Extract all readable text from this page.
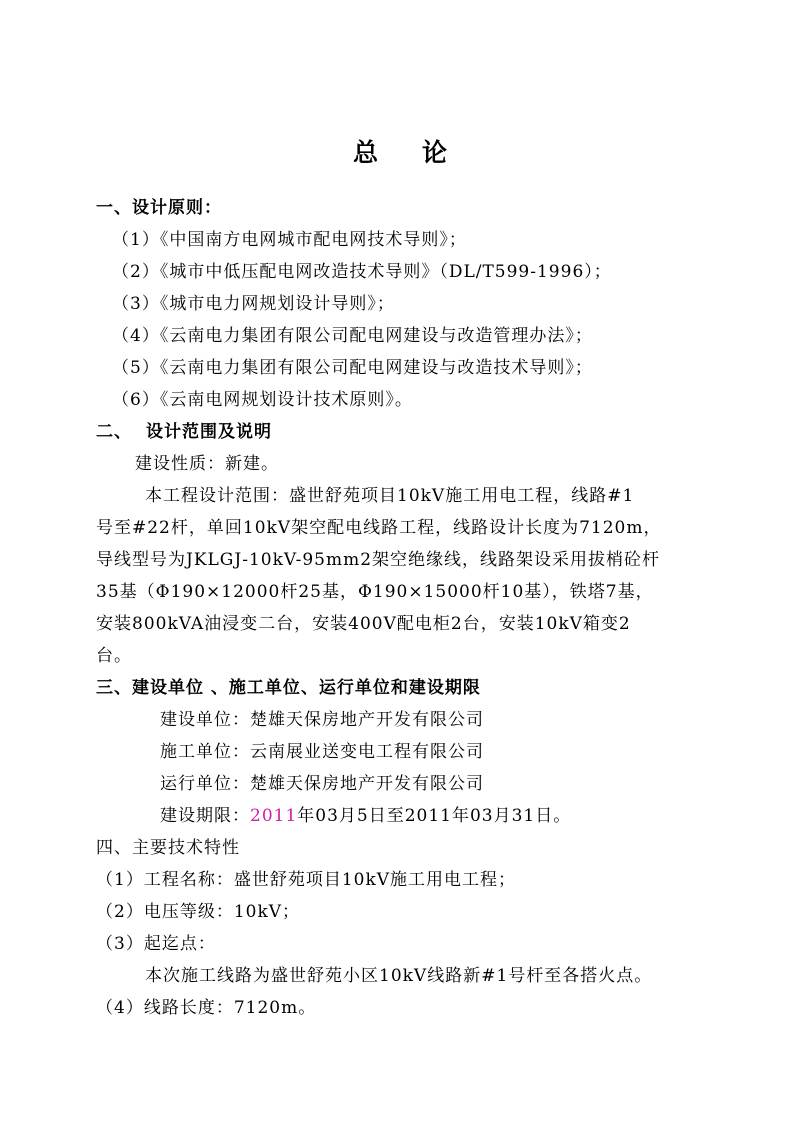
总 论
一、设计原则：
（1）《中国南方电网城市配电网技术导则》；
（2）《城市中低压配电网改造技术导则》（DL/T599-1996）；
（3）《城市电力网规划设计导则》；
（4）《云南电力集团有限公司配电网建设与改造管理办法》；
（5）《云南电力集团有限公司配电网建设与改造技术导则》；
（6）《云南电网规划设计技术原则》。
二、 设计范围及说明
建设性质：新建。
本工程设计范围：盛世舒苑项目10kV施工用电工程，线路#1
号至#22杆，单回10kV架空配电线路工程，线路设计长度为7120m，
导线型号为JKLGJ-10kV-95mm2架空绝缘线，线路架设采用拔梢砼杆
35基（Φ190×12000杆25基，Φ190×15000杆10基），铁塔7基，
安装800kVA油浸变二台，安装400V配电柜2台，安装10kV箱变2
台。
三、建设单位 、施工单位、运行单位和建设期限
建设单位：楚雄天保房地产开发有限公司
施工单位：云南展业送变电工程有限公司
运行单位：楚雄天保房地产开发有限公司
建设期限：2011年03月5日至2011年03月31日。
四、主要技术特性
（1）工程名称：盛世舒苑项目10kV施工用电工程；
（2）电压等级：10kV；
（3）起迄点：
本次施工线路为盛世舒苑小区10kV线路新#1号杆至各搭火点。
（4）线路长度：7120m。
